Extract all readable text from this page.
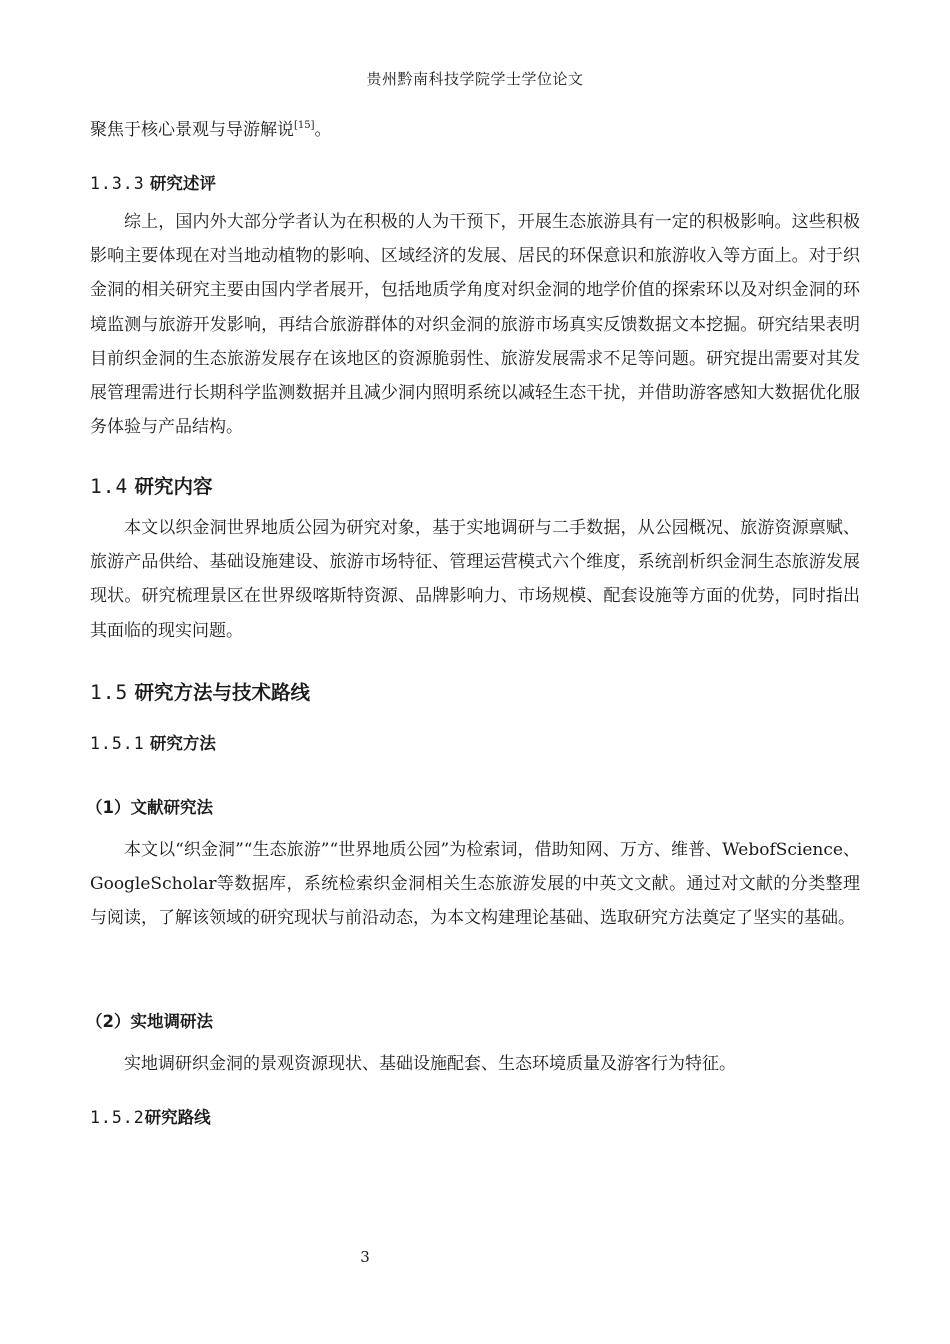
贵州黔南科技学院学士学位论文

聚焦于核心景观与导游解说[15]。

1.3.3 研究述评

综上，国内外大部分学者认为在积极的人为干预下，开展生态旅游具有一定的积极影响。这些积极影响主要体现在对当地动植物的影响、区域经济的发展、居民的环保意识和旅游收入等方面上。对于织金洞的相关研究主要由国内学者展开，包括地质学角度对织金洞的地学价值的探索环以及对织金洞的环境监测与旅游开发影响，再结合旅游群体的对织金洞的旅游市场真实反馈数据文本挖掘。研究结果表明目前织金洞的生态旅游发展存在该地区的资源脆弱性、旅游发展需求不足等问题。研究提出需要对其发展管理需进行长期科学监测数据并且减少洞内照明系统以减轻生态干扰，并借助游客感知大数据优化服务体验与产品结构。

1.4 研究内容

本文以织金洞世界地质公园为研究对象，基于实地调研与二手数据，从公园概况、旅游资源禀赋、旅游产品供给、基础设施建设、旅游市场特征、管理运营模式六个维度，系统剖析织金洞生态旅游发展现状。研究梳理景区在世界级喀斯特资源、品牌影响力、市场规模、配套设施等方面的优势，同时指出其面临的现实问题。

1.5 研究方法与技术路线
1.5.1 研究方法
（1）文献研究法

本文以“织金洞”“生态旅游”“世界地质公园”为检索词，借助知网、万方、维普、WebofScience、GoogleScholar等数据库，系统检索织金洞相关生态旅游发展的中英文文献。通过对文献的分类整理与阅读，了解该领域的研究现状与前沿动态，为本文构建理论基础、选取研究方法奠定了坚实的基础。

（2）实地调研法

实地调研织金洞的景观资源现状、基础设施配套、生态环境质量及游客行为特征。

1.5.2研究路线
3
